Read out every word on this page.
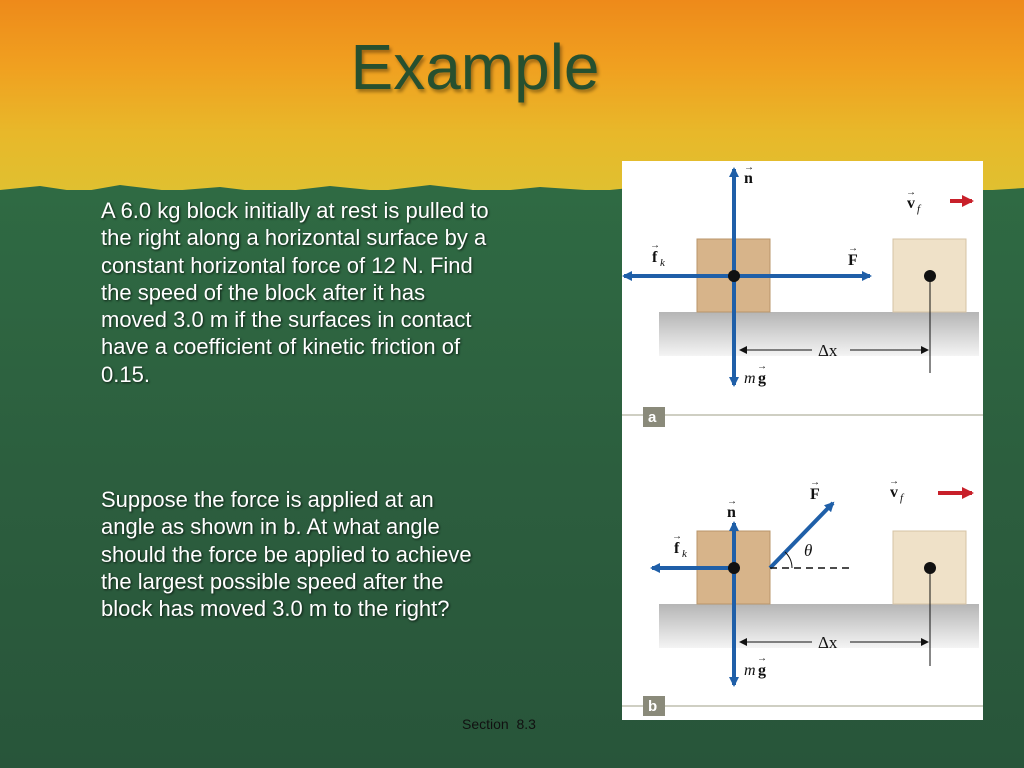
Example

A 6.0 kg block initially at rest is pulled to the right along a horizontal surface by a constant horizontal force of 12 N. Find the speed of the block after it has moved 3.0 m if the surfaces in contact have a coefficient of kinetic friction of 0.15.

Suppose the force is applied at an angle as shown in b. At what angle should the force be applied to achieve the largest possible speed after the block has moved 3.0 m to the right?

Section  8.3
Δx
n
→
f k
→
F
→
v f
→
m g
→
a
Δx
θ
n
→
f k
→
F
→
v f
→
m g
→
b
